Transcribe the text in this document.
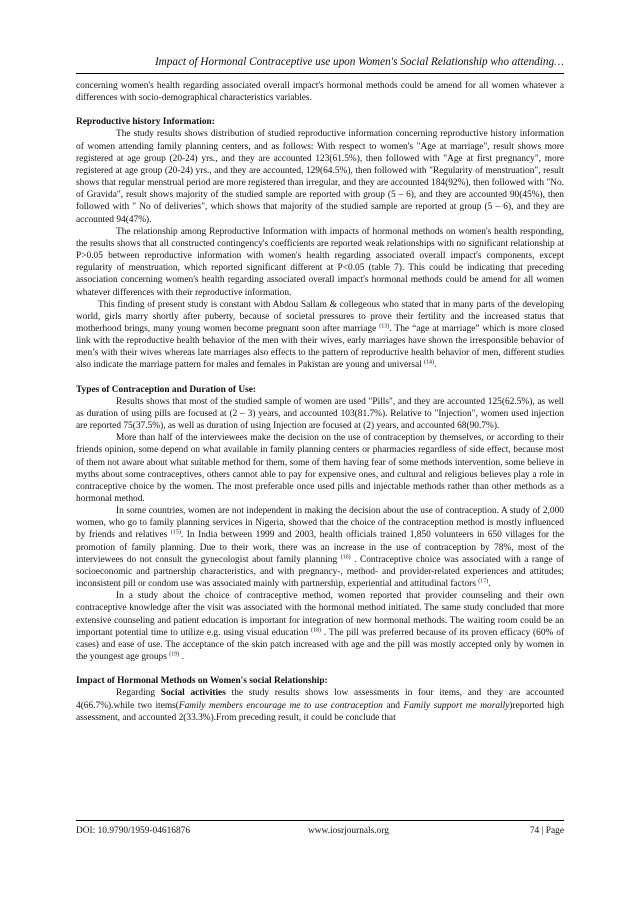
Impact of Hormonal Contraceptive use upon Women's Social Relationship who attending…

concerning women's health regarding associated overall impact's hormonal methods could be amend for all women whatever a differences with socio-demographical characteristics variables.

Reproductive history Information:

The study results shows distribution of studied reproductive information concerning reproductive history information of women attending family planning centers, and as follows: With respect to women's "Age at marriage", result shows more registered at age group (20-24) yrs., and they are accounted 123(61.5%), then followed with "Age at first pregnancy", more registered at age group (20-24) yrs., and they are accounted, 129(64.5%), then followed with "Regularity of menstruation", result shows that regular menstrual period are more registered than irregular, and they are accounted 184(92%), then followed with "No. of Gravida", result shows majority of the studied sample are reported with group (5 – 6), and they are accounted 90(45%), then followed with " No of deliveries", which shows that majority of the studied sample are reported at group (5 – 6), and they are accounted 94(47%).

The relationship among Reproductive Information with impacts of hormonal methods on women's health responding, the results shows that all constructed contingency's coefficients are reported weak relationships with no significant relationship at P>0.05 between reproductive information with women's health regarding associated overall impact's components, except regularity of menstruation, which reported significant different at P<0.05 (table 7). This could be indicating that preceding association concerning women's health regarding associated overall impact's hormonal methods could be amend for all women whatever differences with their reproductive information.

This finding of present study is constant with Abdou Sallam & collegeous who stated that in many parts of the developing world, girls marry shortly after puberty, because of societal pressures to prove their fertility and the increased status that motherhood brings, many young women become pregnant soon after marriage $^{(13)}$. The “age at marriage” which is more closed link with the reproductive health behavior of the men with their wives, early marriages have shown the irresponsible behavior of men’s with their wives whereas late marriages also effects to the pattern of reproductive health behavior of men, different studies also indicate the marriage pattern for males and females in Pakistan are young and universal $^{(14)}$.

Types of Contraception and Duration of Use:

Results shows that most of the studied sample of women are used "Pills", and they are accounted 125(62.5%), as well as duration of using pills are focused at (2 – 3) years, and accounted 103(81.7%). Relative to "Injection", women used injection are reported 75(37.5%), as well as duration of using Injection are focused at (2) years, and accounted 68(90.7%).

More than half of the interviewees make the decision on the use of contraception by themselves, or according to their friends opinion, some depend on what available in family planning centers or pharmacies regardless of side effect, because most of them not aware about what suitable method for them, some of them having fear of some methods intervention, some believe in myths about some contraceptives, others cannot able to pay for expensive ones, and cultural and religious believes play a role in contraceptive choice by the women. The most preferable once used pills and injectable methods rather than other methods as a hormonal method.

In some countries, women are not independent in making the decision about the use of contraception. A study of 2,000 women, who go to family planning services in Nigeria, showed that the choice of the contraception method is mostly influenced by friends and relatives $^{(15)}$. In India between 1999 and 2003, health officials trained 1,850 volunteers in 650 villages for the promotion of family planning. Due to their work, there was an increase in the use of contraception by 78%, most of the interviewees do not consult the gynecologist about family planning $^{(16)}$ . Contraceptive choice was associated with a range of socioeconomic and partnership characteristics, and with pregnancy-, method- and provider-related experiences and attitudes; inconsistent pill or condom use was associated mainly with partnership, experiential and attitudinal factors $^{(17)}$.

In a study about the choice of contraceptive method, women reported that provider counseling and their own contraceptive knowledge after the visit was associated with the hormonal method initiated. The same study concluded that more extensive counseling and patient education is important for integration of new hormonal methods. The waiting room could be an important potential time to utilize e.g. using visual education $^{(18)}$ . The pill was preferred because of its proven efficacy (60% of cases) and ease of use. The acceptance of the skin patch increased with age and the pill was mostly accepted only by women in the youngest age groups $^{(19)}$ .

Impact of Hormonal Methods on Women's social Relationship:

Regarding Social activities the study results shows low assessments in four items, and they are accounted 4(66.7%).while two items(Family members encourage me to use contraception and Family support me morally)reported high assessment, and accounted 2(33.3%).From preceding result, it could be conclude that

DOI: 10.9790/1959-04616876	www.iosrjournals.org	74 | Page
